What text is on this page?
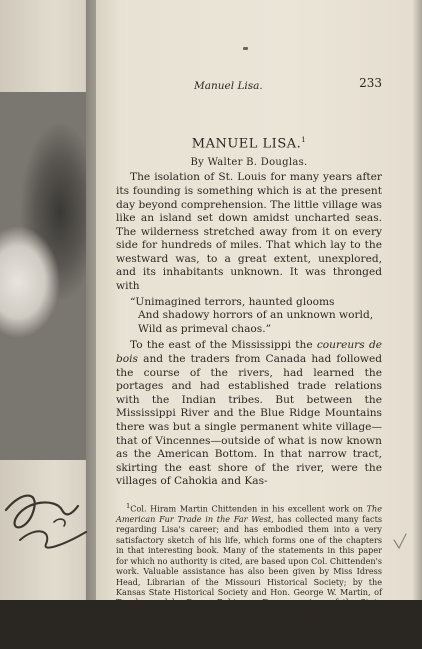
Manuel Lisa.	233
MANUEL LISA.$^1$
By Walter B. Douglas.

The isolation of St. Louis for many years after its founding is something which is at the present day beyond comprehension. The little village was like an island set down amidst uncharted seas. The wilderness stretched away from it on every side for hundreds of miles. That which lay to the westward was, to a great extent, unexplored, and its inhabitants unknown. It was thronged with

“Unimagined terrors, haunted glooms
And shadowy horrors of an unknown world,
Wild as primeval chaos.”

To the east of the Mississippi the coureurs de bois and the traders from Canada had followed the course of the rivers, had learned the portages and had established trade relations with the Indian tribes. But between the Mississippi River and the Blue Ridge Mountains there was but a single permanent white village—that of Vincennes—outside of what is now known as the American Bottom. In that narrow tract, skirting the east shore of the river, were the villages of Cahokia and Kas-

$^1$Col. Hiram Martin Chittenden in his excellent work on The American Fur Trade in the Far West, has collected many facts regarding Lisa's career; and has embodied them into a very satisfactory sketch of his life, which forms one of the chapters in that interesting book. Many of the statements in this paper for which no authority is cited, are based upon Col. Chittenden's work. Valuable assistance has also been given by Miss Idress Head, Librarian of the Missouri Historical Society; by the Kansas State Historical Society and Hon. George W. Martin, of Topeka, and by Doane Robinson, Esq., secretary of the State Historical Society of South Dakota. Miss French's article on Lisa in Volume IV of the South Dakota Historical Collections did not come under the writer's observation until after this paper was substantially complete.
